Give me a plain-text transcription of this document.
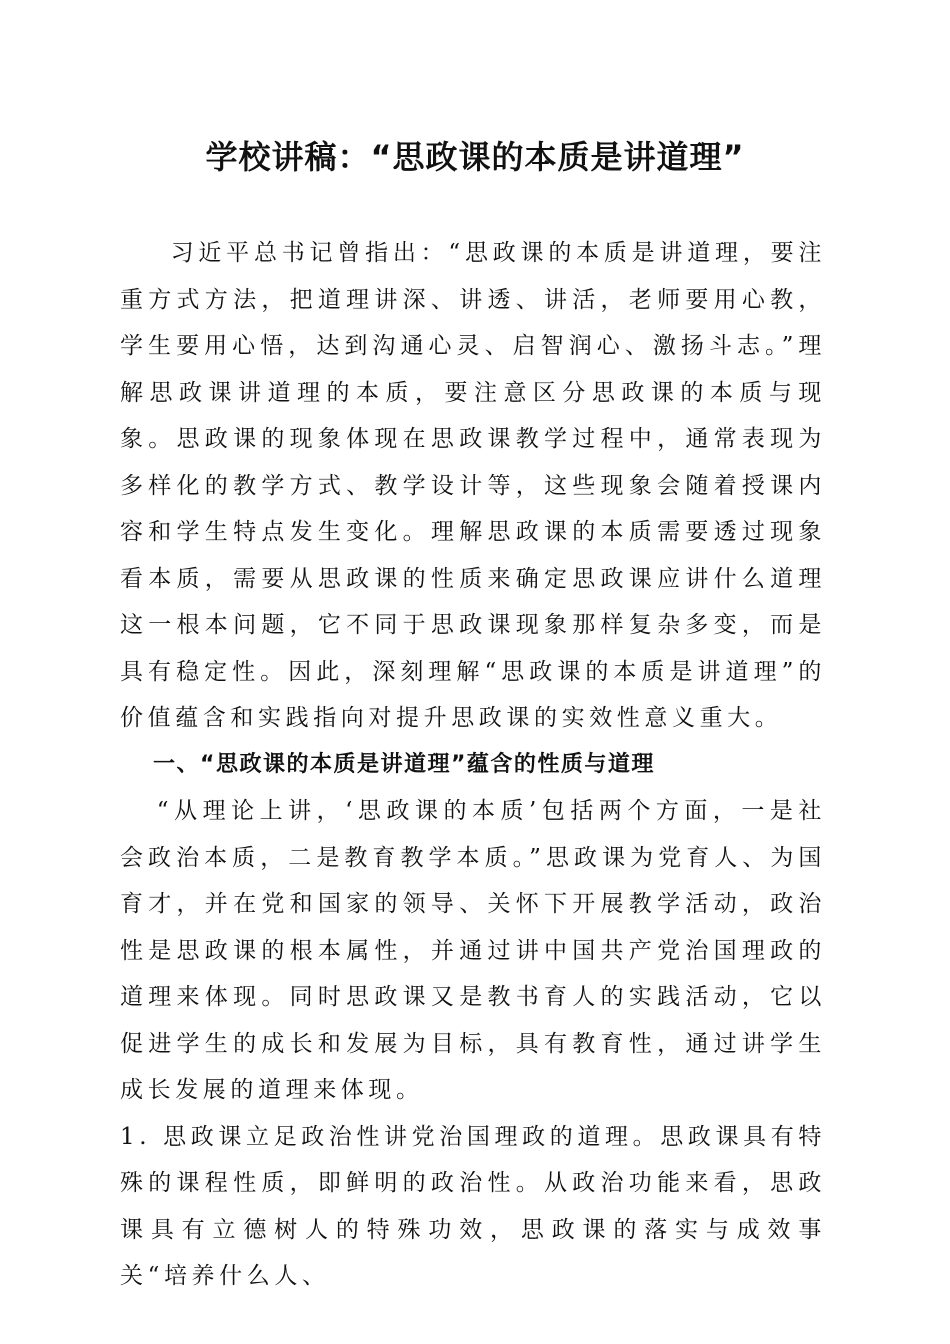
学校讲稿：“思政课的本质是讲道理”

习近平总书记曾指出：“思政课的本质是讲道理，要注重方式方法，把道理讲深、讲透、讲活，老师要用心教，学生要用心悟，达到沟通心灵、启智润心、激扬斗志。”理解思政课讲道理的本质，要注意区分思政课的本质与现象。思政课的现象体现在思政课教学过程中，通常表现为多样化的教学方式、教学设计等，这些现象会随着授课内容和学生特点发生变化。理解思政课的本质需要透过现象看本质，需要从思政课的性质来确定思政课应讲什么道理这一根本问题，它不同于思政课现象那样复杂多变，而是具有稳定性。因此，深刻理解“思政课的本质是讲道理”的价值蕴含和实践指向对提升思政课的实效性意义重大。

一、“思政课的本质是讲道理”蕴含的性质与道理

“从理论上讲，‘思政课的本质’包括两个方面，一是社会政治本质，二是教育教学本质。”思政课为党育人、为国育才，并在党和国家的领导、关怀下开展教学活动，政治性是思政课的根本属性，并通过讲中国共产党治国理政的道理来体现。同时思政课又是教书育人的实践活动，它以促进学生的成长和发展为目标，具有教育性，通过讲学生成长发展的道理来体现。

1. 思政课立足政治性讲党治国理政的道理。思政课具有特殊的课程性质，即鲜明的政治性。从政治功能来看，思政课具有立德树人的特殊功效，思政课的落实与成效事关“培养什么人、
